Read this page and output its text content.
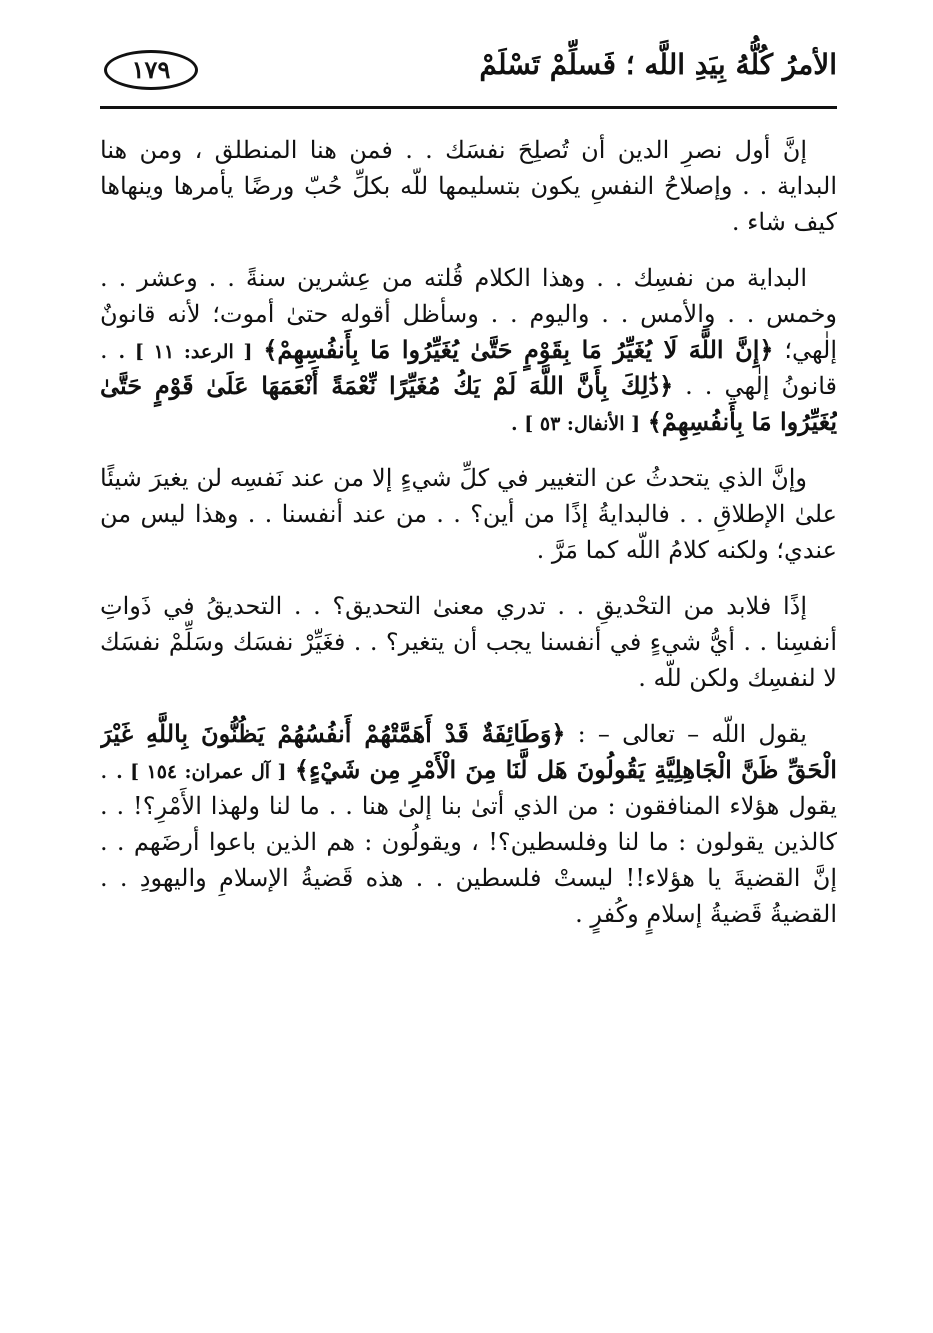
الأمرُ كُلُّهُ بِيَدِ اللَّه ؛ فَسلِّمْ تَسْلَمْ
١٧٩

إنَّ أول نصرِ الدين أن تُصلِحَ نفسَك . . فمن هنا المنطلق ، ومن هنا البداية . . وإصلاحُ النفسِ يكون بتسليمها للّه بكلِّ حُبّ ورضًا يأمرها وينهاها كيف شاء .

البداية من نفسِك . . وهذا الكلام قُلته من عِشرين سنةً . . وعشر . . وخمس . . والأمس . . واليوم . . وسأظل أقوله حتىٰ أموت؛ لأنه قانونٌ إلٰهي؛ ﴿إِنَّ اللَّهَ لَا يُغَيِّرُ مَا بِقَوْمٍ حَتَّىٰ يُغَيِّرُوا مَا بِأَنفُسِهِمْ﴾ [ الرعد: ١١ ] . . قانونُ إلٰهي . . ﴿ذَٰلِكَ بِأَنَّ اللَّهَ لَمْ يَكُ مُغَيِّرًا نِّعْمَةً أَنْعَمَهَا عَلَىٰ قَوْمٍ حَتَّىٰ يُغَيِّرُوا مَا بِأَنفُسِهِمْ﴾ [ الأنفال: ٥٣ ] .

وإنَّ الذي يتحدثُ عن التغيير في كلِّ شيءٍ إلا من عند نَفسِه لن يغيرَ شيئًا علىٰ الإطلاقِ . . فالبدايةُ إذًا من أين؟ . . من عند أنفسنا . . وهذا ليس من عندي؛ ولكنه كلامُ اللّه كما مَرَّ .

إذًا فلابد من التحْديقِ . . تدري معنىٰ التحديق؟ . . التحديقُ في ذَواتِ أنفسِنا . . أيُّ شيءٍ في أنفسنا يجب أن يتغير؟ . . فغَيِّرْ نفسَك وسَلِّمْ نفسَك لا لنفسِك ولكن للّه .

يقول اللّه – تعالى – : ﴿وَطَائِفَةٌ قَدْ أَهَمَّتْهُمْ أَنفُسُهُمْ يَظُنُّونَ بِاللَّهِ غَيْرَ الْحَقِّ ظَنَّ الْجَاهِلِيَّةِ يَقُولُونَ هَل لَّنَا مِنَ الْأَمْرِ مِن شَيْءٍ﴾ [ آل عمران: ١٥٤ ] . . يقول هؤلاء المنافقون : من الذي أتىٰ بنا إلىٰ هنا . . ما لنا ولهذا الأَمْرِ؟! . . كالذين يقولون : ما لنا وفلسطين؟! ، ويقولُون : هم الذين باعوا أرضَهم . . إنَّ القضيةَ يا هؤلاء!! ليستْ فلسطين . . هذه قَضيةُ الإسلامِ واليهودِ . . القضيةُ قَضيةُ إسلامٍ وكُفرٍ .
